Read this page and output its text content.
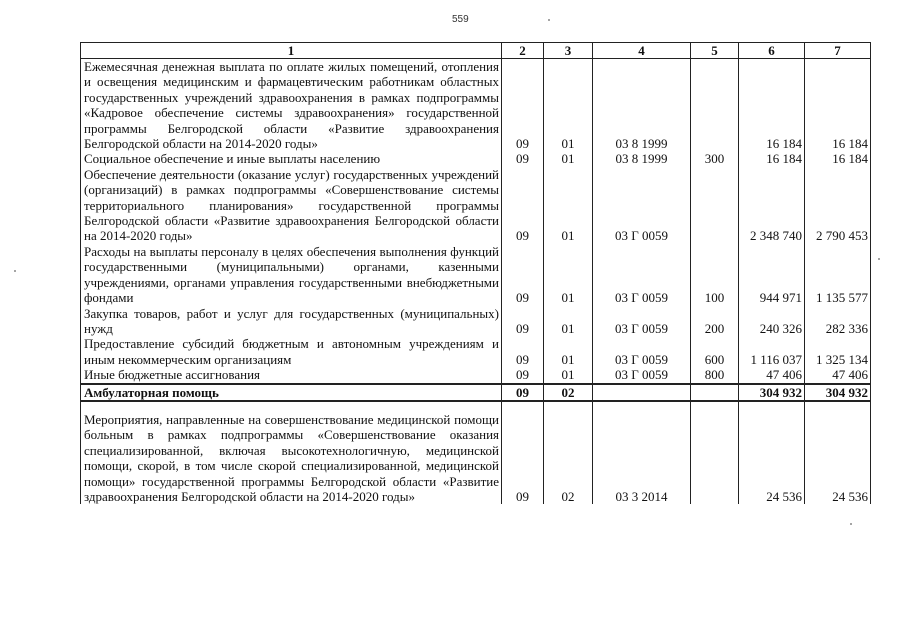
559
1	2	3	4	5	6	7
Ежемесячная денежная выплата по оплате жилых помещений, отопления и освещения медицинским и фармацевтическим работникам областных государственных учреждений здравоохранения в рамках подпрограммы «Кадровое обеспечение системы здравоохранения» государственной программы Белгородской области «Развитие здравоохранения Белгородской области на 2014-2020 годы»	09	01	03 8 1999		16 184	16 184
Социальное обеспечение и иные выплаты населению	09	01	03 8 1999	300	16 184	16 184
Обеспечение деятельности (оказание услуг) государственных учреждений (организаций) в рамках подпрограммы «Совершенствование системы территориального планирования» государственной программы Белгородской области «Развитие здравоохранения Белгородской области на 2014-2020 годы»	09	01	03 Г 0059		2 348 740	2 790 453
Расходы на выплаты персоналу в целях обеспечения выполнения функций государственными (муниципальными) органами, казенными учреждениями, органами управления государственными внебюджетными фондами	09	01	03 Г 0059	100	944 971	1 135 577
Закупка товаров, работ и услуг для государственных (муниципальных) нужд	09	01	03 Г 0059	200	240 326	282 336
Предоставление субсидий бюджетным и автономным учреждениям и иным некоммерческим организациям	09	01	03 Г 0059	600	1 116 037	1 325 134
Иные бюджетные ассигнования	09	01	03 Г 0059	800	47 406	47 406
Амбулаторная помощь	09	02			304 932	304 932

Мероприятия, направленные на совершенствование медицинской помощи больным в рамках подпрограммы «Совершенствование оказания специализированной, включая высокотехнологичную, медицинской помощи, скорой, в том числе скорой специализированной, медицинской помощи» государственной программы Белгородской области «Развитие здравоохранения Белгородской области на 2014-2020 годы»	09	02	03 3 2014		24 536	24 536
